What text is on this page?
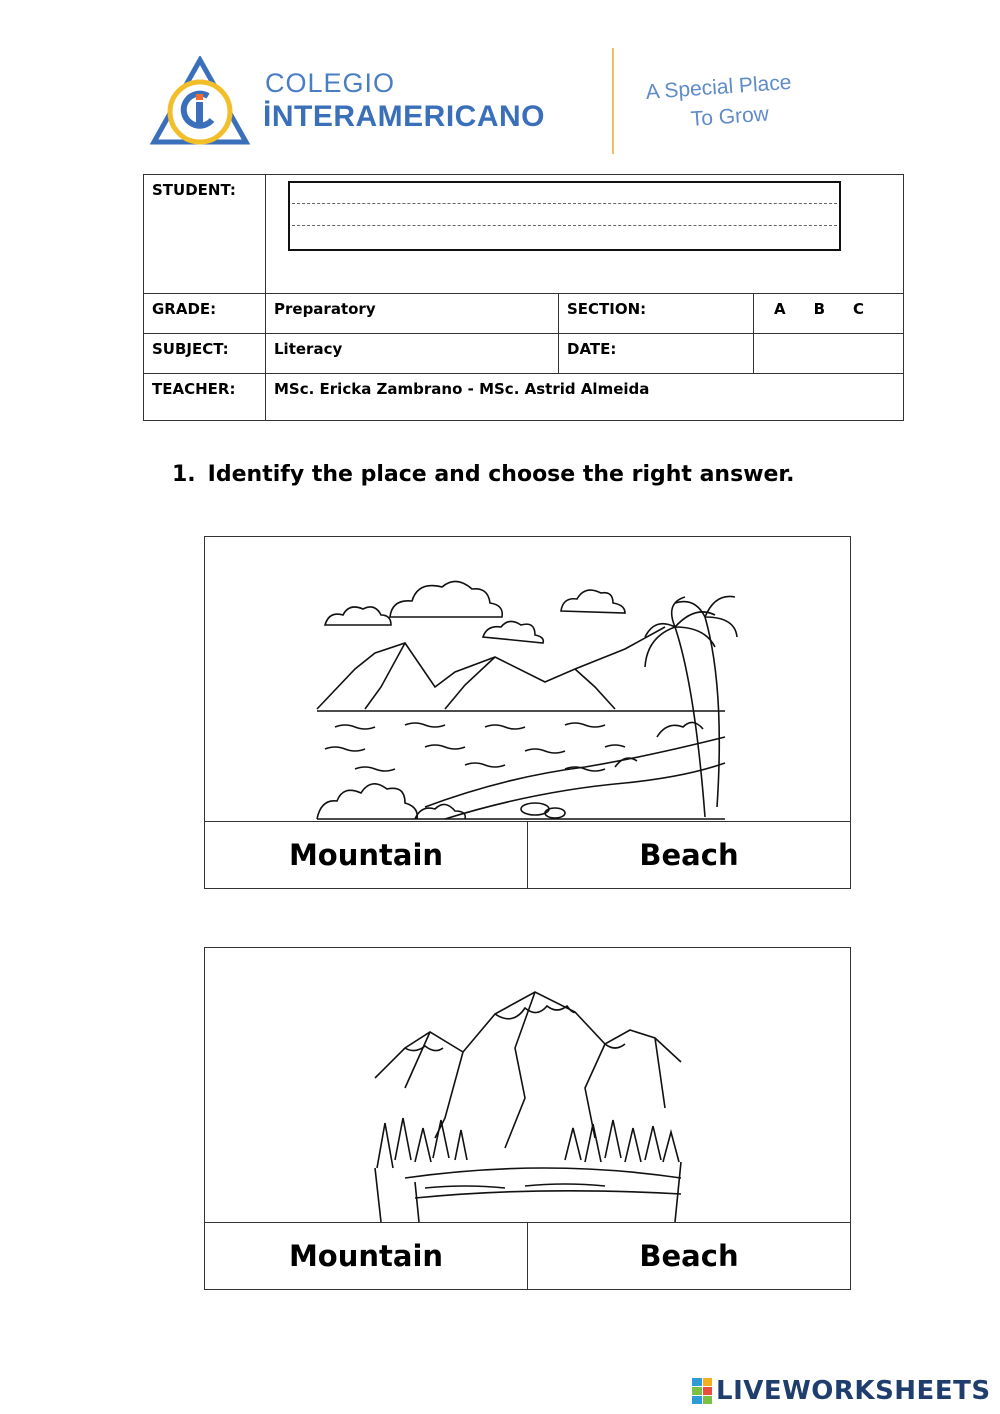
COLEGIO
İNTERAMERICANO
A Special Place
To Grow
STUDENT:			

GRADE:	Preparatory	SECTION:	A B C

SUBJECT:	Literacy	DATE:	
TEACHER:	MSc. Ericka Zambrano - MSc. Astrid Almeida		
1. Identify the place and choose the right answer.
Mountain	Beach
Mountain	Beach
LIVEWORKSHEETS
